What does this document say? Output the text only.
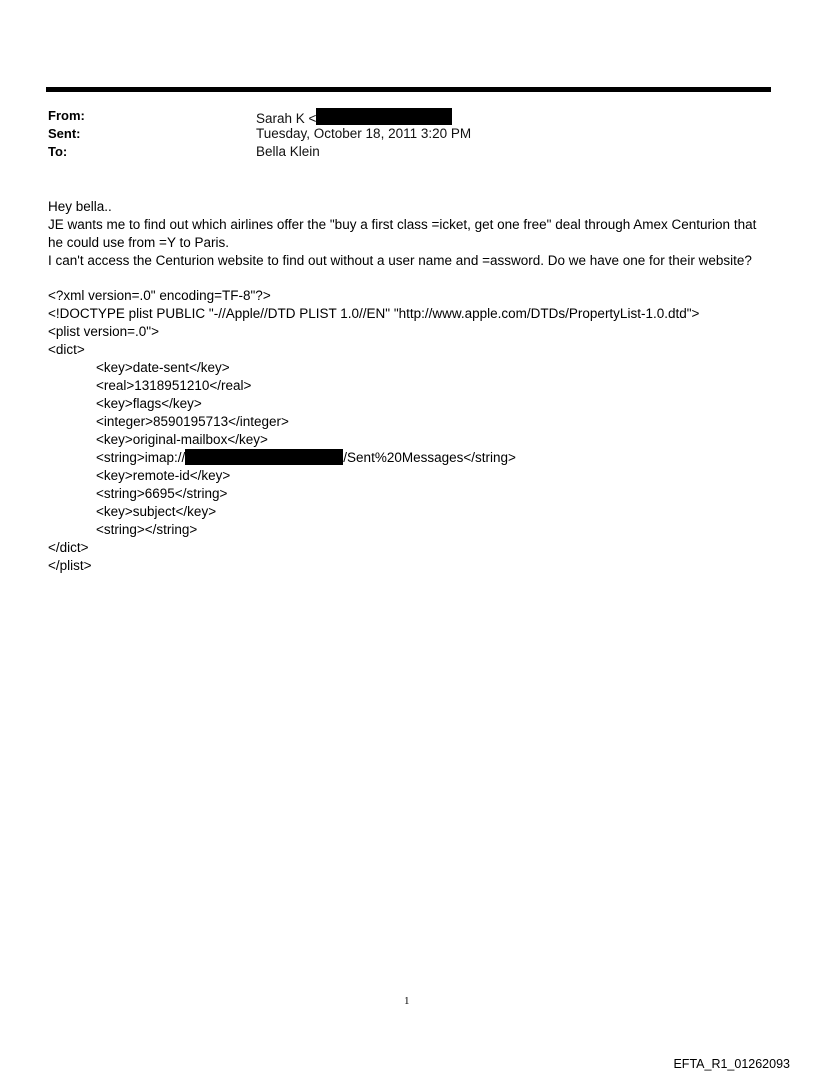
From:	Sarah K <
Sent:	Tuesday, October 18, 2011 3:20 PM
To:	Bella Klein

Hey bella..

JE wants me to find out which airlines offer the "buy a first class =icket, get one free" deal through Amex Centurion that he could use from =Y to Paris.

I can't access the Centurion website to find out without a user name and =assword. Do we have one for their website?

<?xml version=.0" encoding=TF-8"?>
<!DOCTYPE plist PUBLIC "-//Apple//DTD PLIST 1.0//EN" "http://www.apple.com/DTDs/PropertyList-1.0.dtd">
<plist version=.0">
<dict>
<key>date-sent</key>
<real>1318951210</real>
<key>flags</key>
<integer>8590195713</integer>
<key>original-mailbox</key>
<string>imap://	/Sent%20Messages</string>
<key>remote-id</key>
<string>6695</string>
<key>subject</key>
<string></string>
</dict>
</plist>
1
EFTA_R1_01262093
